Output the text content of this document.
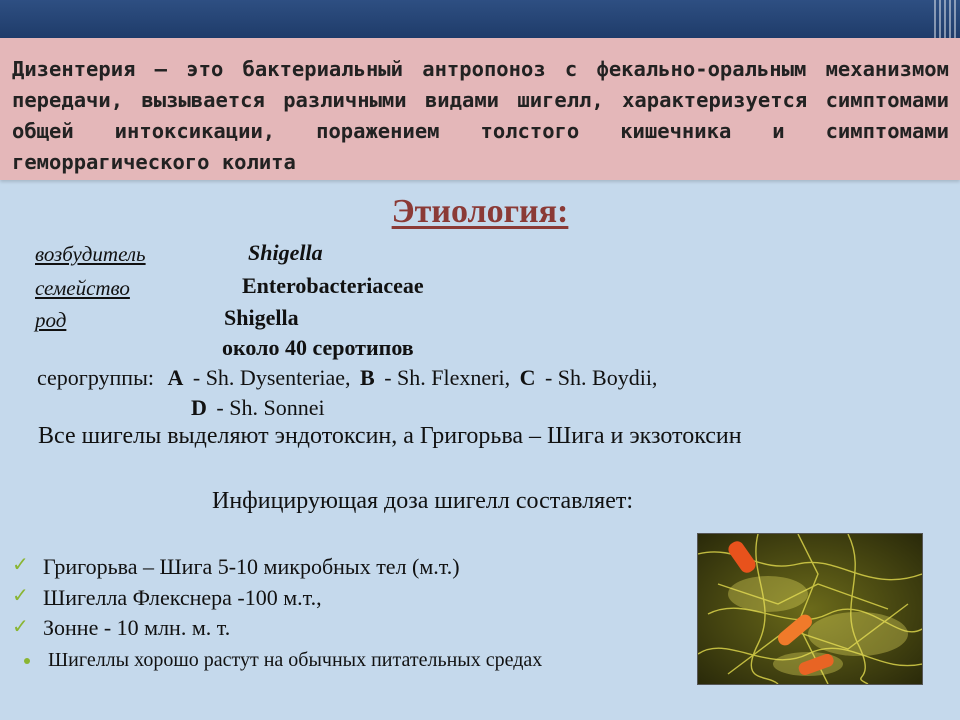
Дизентерия – это бактериальный антропоноз с фекально-оральным механизмом передачи, вызывается различными видами шигелл, характеризуется симптомами общей интоксикации, поражением толстого кишечника и симптомами геморрагического колита

Этиология:
возбудитель	Shigella
семейство	Enterobacteriaceae
род	Shigella
около 40 серотипов
серогруппы: A - Sh. Dysenteriae, B - Sh. Flexneri, C - Sh. Boydii,
D - Sh. Sonnei
Все шигелы выделяют эндотоксин, а Григорьва – Шига и экзотоксин
Инфицирующая доза шигелл составляет:
✓ Григорьва – Шига 5-10 микробных тел (м.т.)
✓ Шигелла Флекснера -100 м.т.,
✓ Зонне - 10 млн. м. т.
Шигеллы хорошо растут на обычных питательных средах
